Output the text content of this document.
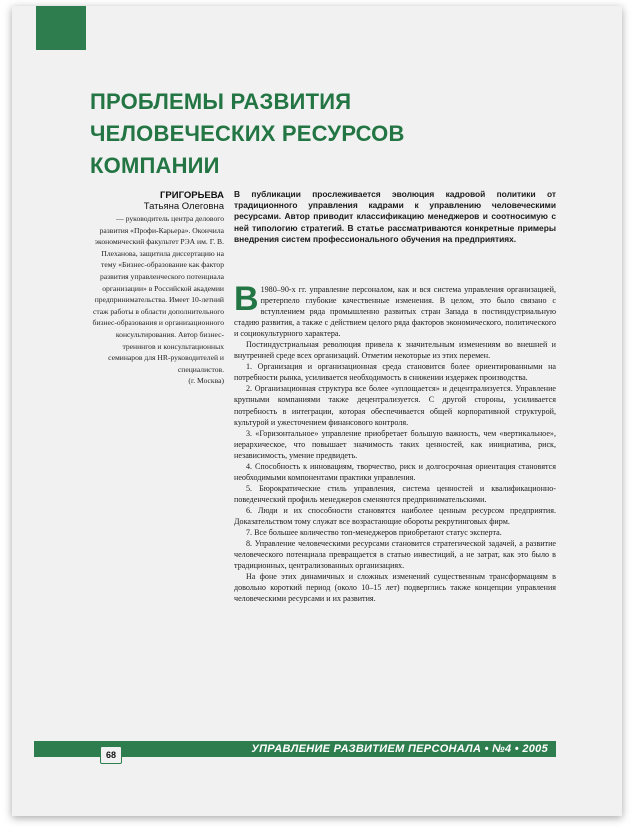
ПРОБЛЕМЫ РАЗВИТИЯ
ЧЕЛОВЕЧЕСКИХ РЕСУРСОВ
КОМПАНИИ
ГРИГОРЬЕВА
Татьяна Олеговна
— руководитель центра делового развития «Профи-Карьера». Окончила экономический факультет РЭА им. Г. В. Плеханова, защитила диссертацию на тему «Бизнес-образование как фактор развития управленческого потенциала организации» в Российской академии предпринимательства. Имеет 10-летний стаж работы в области дополнительного бизнес-образования и организационного консультирования. Автор бизнес-тренингов и консультационных семинаров для HR-руководителей и специалистов.
(г. Москва)
В публикации прослеживается эволюция кадровой политики от традиционного управления кадрами к управлению человеческими ресурсами. Автор приводит классификацию менеджеров и соотносимую с ней типологию стратегий. В статье рассматриваются конкретные примеры внедрения систем профессионального обучения на предприятиях.

В 1980–90-х гг. управление персоналом, как и вся система управления организацией, претерпело глубокие качественные изменения. В целом, это было связано с вступлением ряда промышленно развитых стран Запада в постиндустриальную стадию развития, а также с действием целого ряда факторов экономического, политического и социокультурного характера.

Постиндустриальная революция привела к значительным изменениям во внешней и внутренней среде всех организаций. Отметим некоторые из этих перемен.

1. Организация и организационная среда становится более ориентированными на потребности рынка, усиливается необходимость в снижении издержек производства.

2. Организационная структура все более «уплощается» и децентрализуется. Управление крупными компаниями также децентрализуется. С другой стороны, усиливается потребность в интеграции, которая обеспечивается общей корпоративной структурой, культурой и ужесточением финансового контроля.

3. «Горизонтальное» управление приобретает большую важность, чем «вертикальное», иерархическое, что повышает значимость таких ценностей, как инициатива, риск, независимость, умение предвидеть.

4. Способность к инновациям, творчество, риск и долгосрочная ориентация становятся необходимыми компонентами практики управления.

5. Бюрократические стиль управления, система ценностей и квалификационно-поведенческий профиль менеджеров сменяются предпринимательскими.

6. Люди и их способности становятся наиболее ценным ресурсом предприятия. Доказательством тому служат все возрастающие обороты рекрутинговых фирм.

7. Все большее количество топ-менеджеров приобретают статус эксперта.

8. Управление человеческими ресурсами становится стратегической задачей, а развитие человеческого потенциала превращается в статью инвестиций, а не затрат, как это было в традиционных, централизованных организациях.

На фоне этих динамичных и сложных изменений существенным трансформациям в довольно короткий период (около 10–15 лет) подверглись также концепции управления человеческими ресурсами и их развития.

УПРАВЛЕНИЕ РАЗВИТИЕМ ПЕРСОНАЛА • №4 • 2005
68
